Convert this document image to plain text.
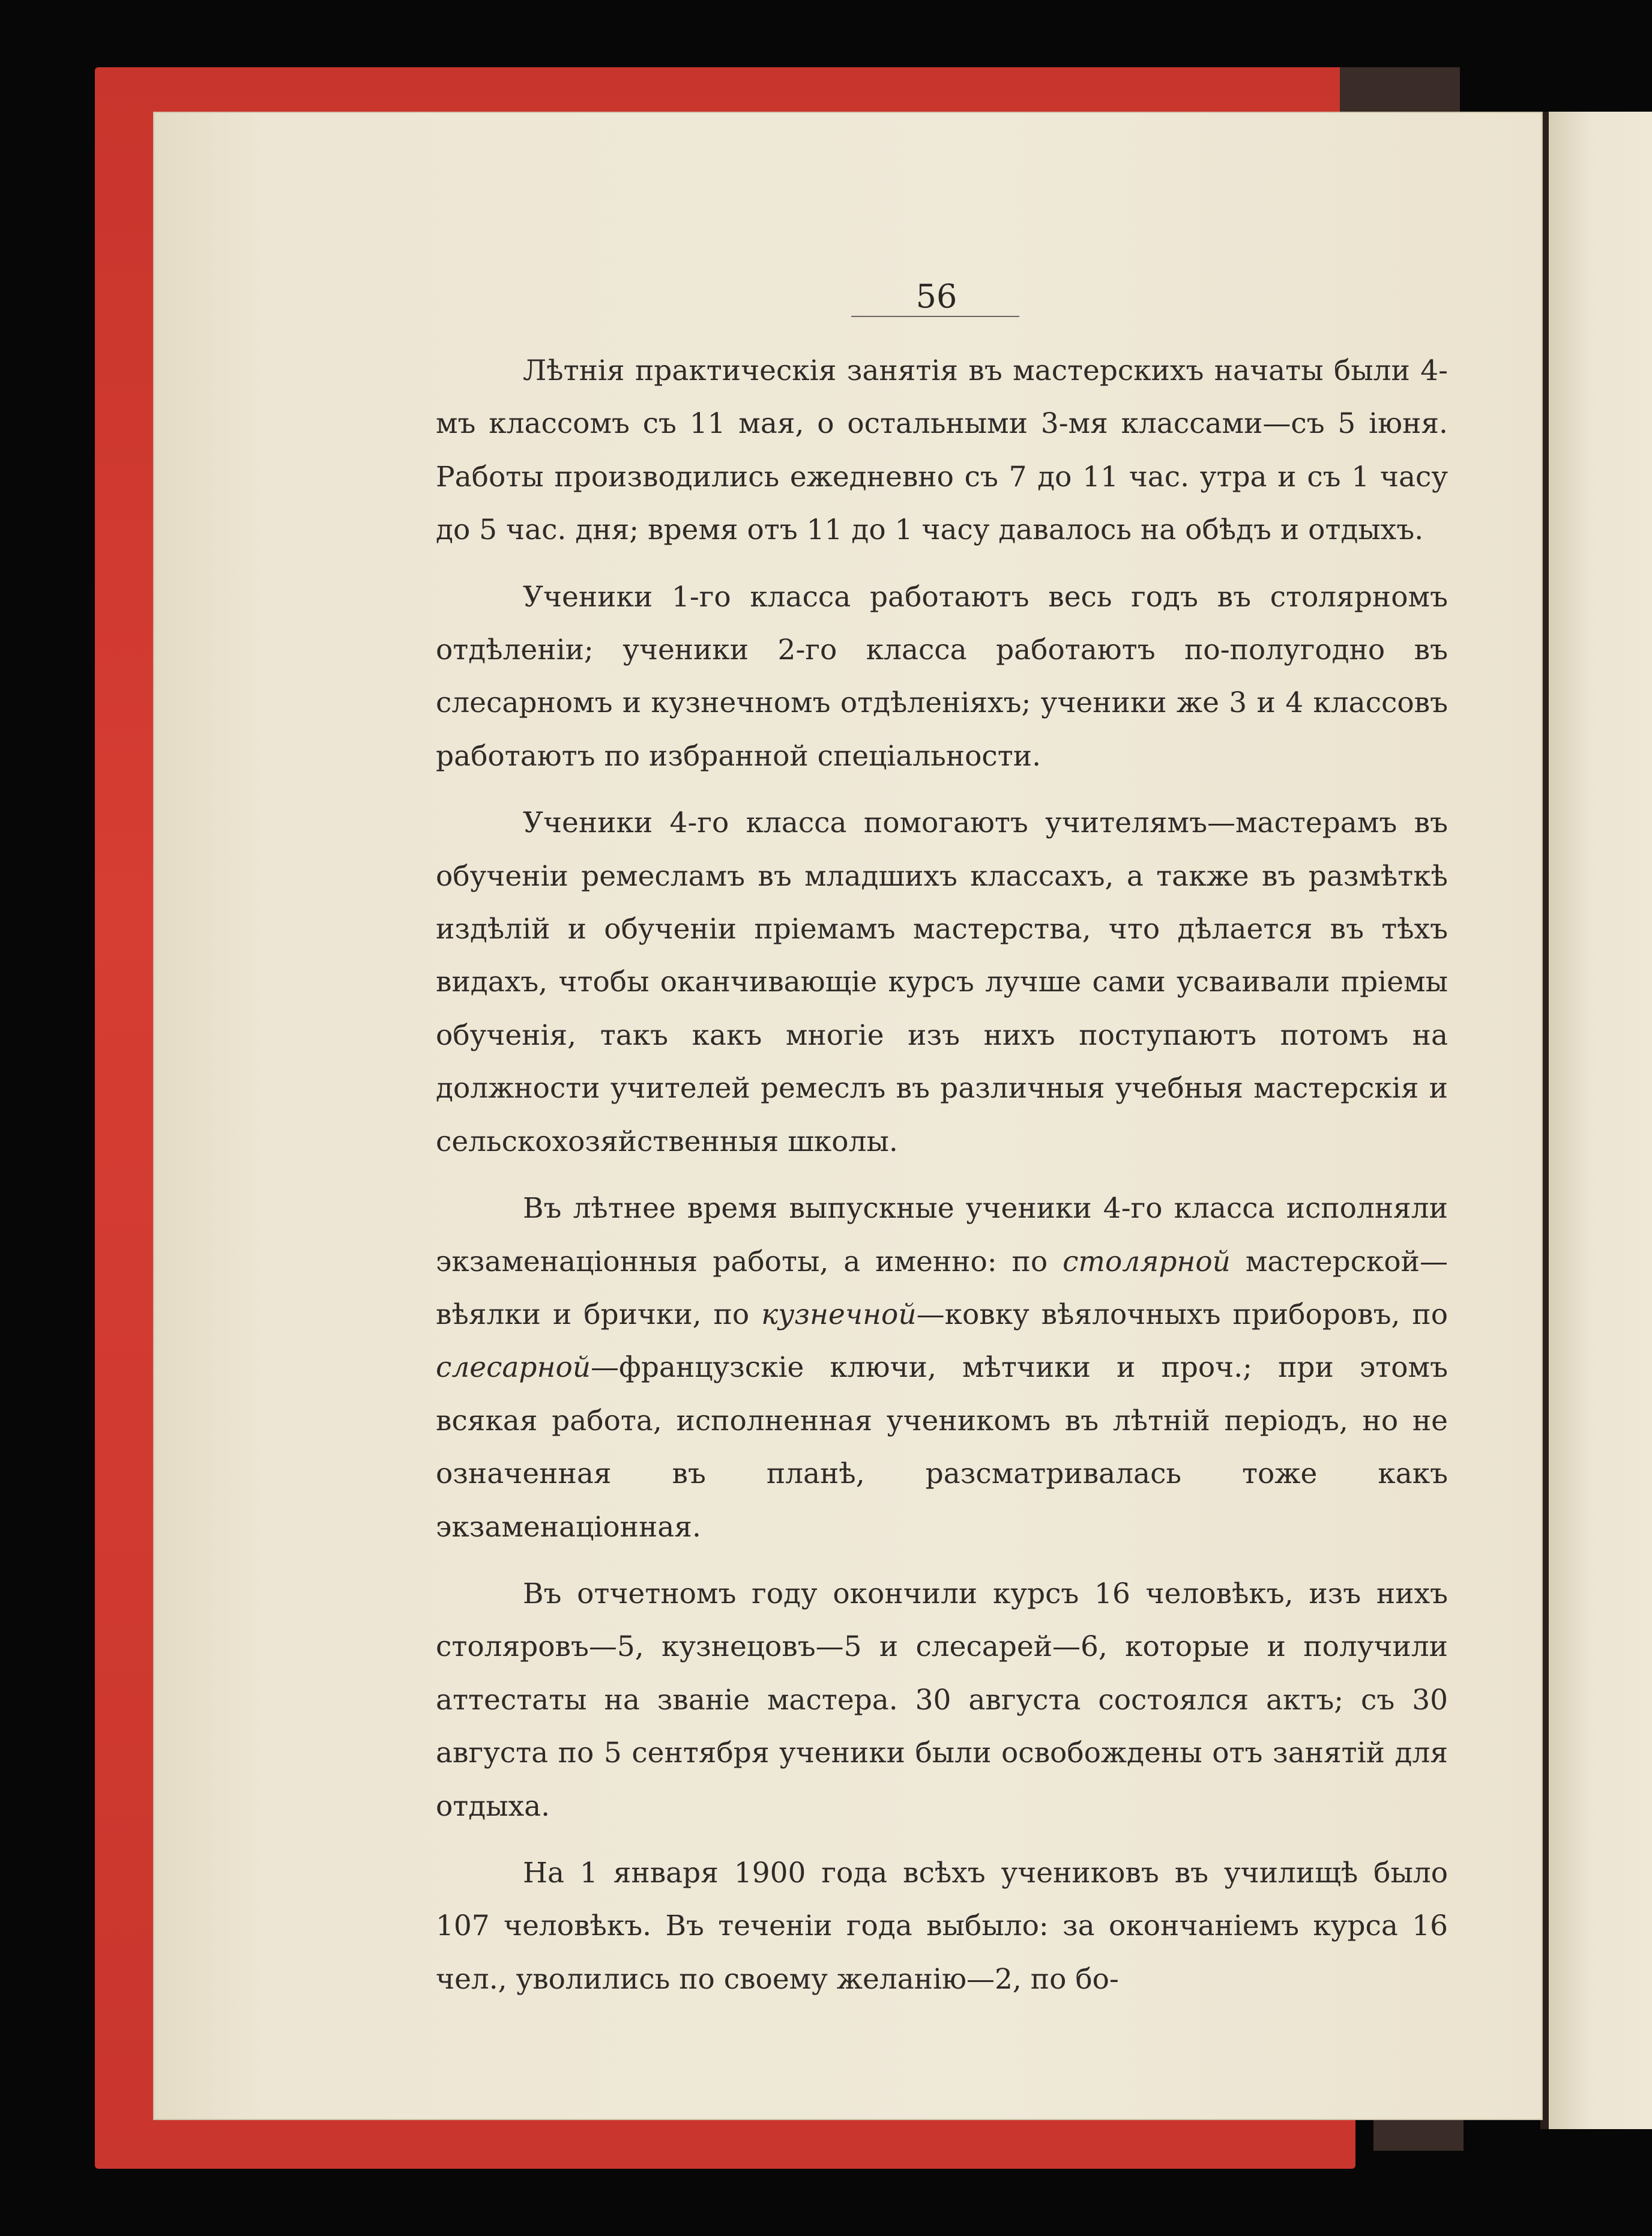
56

Лѣтнія практическія занятія въ мастерскихъ начаты были 4-мъ классомъ съ 11 мая, о остальными 3-мя классами—съ 5 іюня. Работы производились ежедневно съ 7 до 11 час. утра и съ 1 часу до 5 час. дня; время отъ 11 до 1 часу давалось на обѣдъ и отдыхъ.

Ученики 1-го класса работаютъ весь годъ въ столярномъ отдѣленіи; ученики 2-го класса работаютъ по-полугодно въ слесарномъ и кузнечномъ отдѣленіяхъ; ученики же 3 и 4 классовъ работаютъ по избранной спеціальности.

Ученики 4-го класса помогаютъ учителямъ—мастерамъ въ обученіи ремесламъ въ младшихъ классахъ, а также въ размѣткѣ издѣлій и обученіи пріемамъ мастерства, что дѣлается въ тѣхъ видахъ, чтобы оканчивающіе курсъ лучше сами усваивали пріемы обученія, такъ какъ многіе изъ нихъ поступаютъ потомъ на должности учителей ремеслъ въ различныя учебныя мастерскія и сельскохозяйственныя школы.

Въ лѣтнее время выпускные ученики 4-го класса исполняли экзаменаціонныя работы, а именно: по столярной мастерской—вѣялки и брички, по кузнечной—ковку вѣялочныхъ приборовъ, по слесарной—французскіе ключи, мѣтчики и проч.; при этомъ всякая работа, исполненная ученикомъ въ лѣтній періодъ, но не означенная въ планѣ, разсматривалась тоже какъ экзаменаціонная.

Въ отчетномъ году окончили курсъ 16 человѣкъ, изъ нихъ столяровъ—5, кузнецовъ—5 и слесарей—6, которые и получили аттестаты на званіе мастера. 30 августа состоялся актъ; съ 30 августа по 5 сентября ученики были освобождены отъ занятій для отдыха.

На 1 января 1900 года всѣхъ учениковъ въ училищѣ было 107 человѣкъ. Въ теченіи года выбыло: за окончаніемъ курса 16 чел., уволились по своему желанію—2, по бо-
